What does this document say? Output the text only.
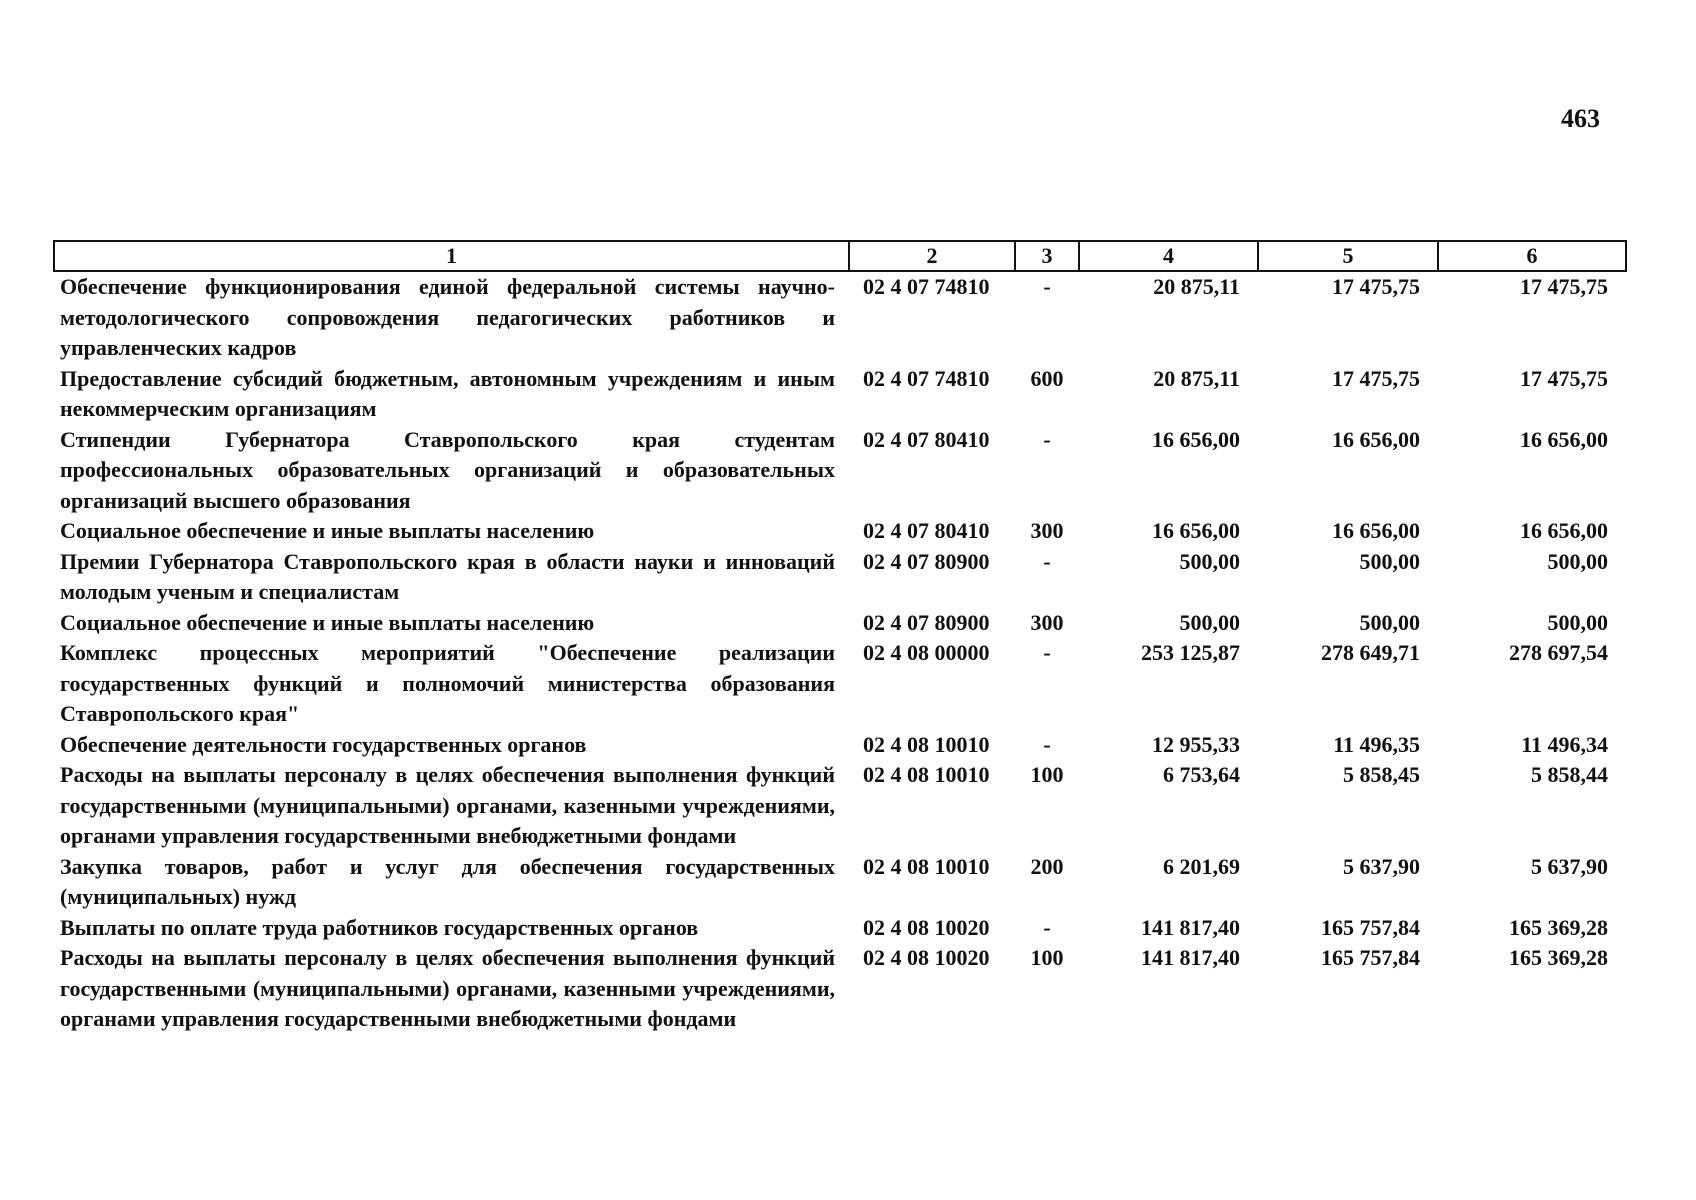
463
1	2	3	4	5	6
Обеспечение функционирования единой федеральной системы научно-методологического сопровождения педагогических работников и управленческих кадров	02 4 07 74810	-	20 875,11	17 475,75	17 475,75
Предоставление субсидий бюджетным, автономным учреждениям и иным некоммерческим организациям	02 4 07 74810	600	20 875,11	17 475,75	17 475,75
Стипендии Губернатора Ставропольского края студентам профессиональных образовательных организаций и образовательных организаций высшего образования	02 4 07 80410	-	16 656,00	16 656,00	16 656,00
Социальное обеспечение и иные выплаты населению	02 4 07 80410	300	16 656,00	16 656,00	16 656,00
Премии Губернатора Ставропольского края в области науки и инноваций молодым ученым и специалистам	02 4 07 80900	-	500,00	500,00	500,00
Социальное обеспечение и иные выплаты населению	02 4 07 80900	300	500,00	500,00	500,00
Комплекс процессных мероприятий "Обеспечение реализации государственных функций и полномочий министерства образования Ставропольского края"	02 4 08 00000	-	253 125,87	278 649,71	278 697,54
Обеспечение деятельности государственных органов	02 4 08 10010	-	12 955,33	11 496,35	11 496,34
Расходы на выплаты персоналу в целях обеспечения выполнения функций государственными (муниципальными) органами, казенными учреждениями, органами управления государственными внебюджетными фондами	02 4 08 10010	100	6 753,64	5 858,45	5 858,44
Закупка товаров, работ и услуг для обеспечения государственных (муниципальных) нужд	02 4 08 10010	200	6 201,69	5 637,90	5 637,90
Выплаты по оплате труда работников государственных органов	02 4 08 10020	-	141 817,40	165 757,84	165 369,28
Расходы на выплаты персоналу в целях обеспечения выполнения функций государственными (муниципальными) органами, казенными учреждениями, органами управления государственными внебюджетными фондами	02 4 08 10020	100	141 817,40	165 757,84	165 369,28
